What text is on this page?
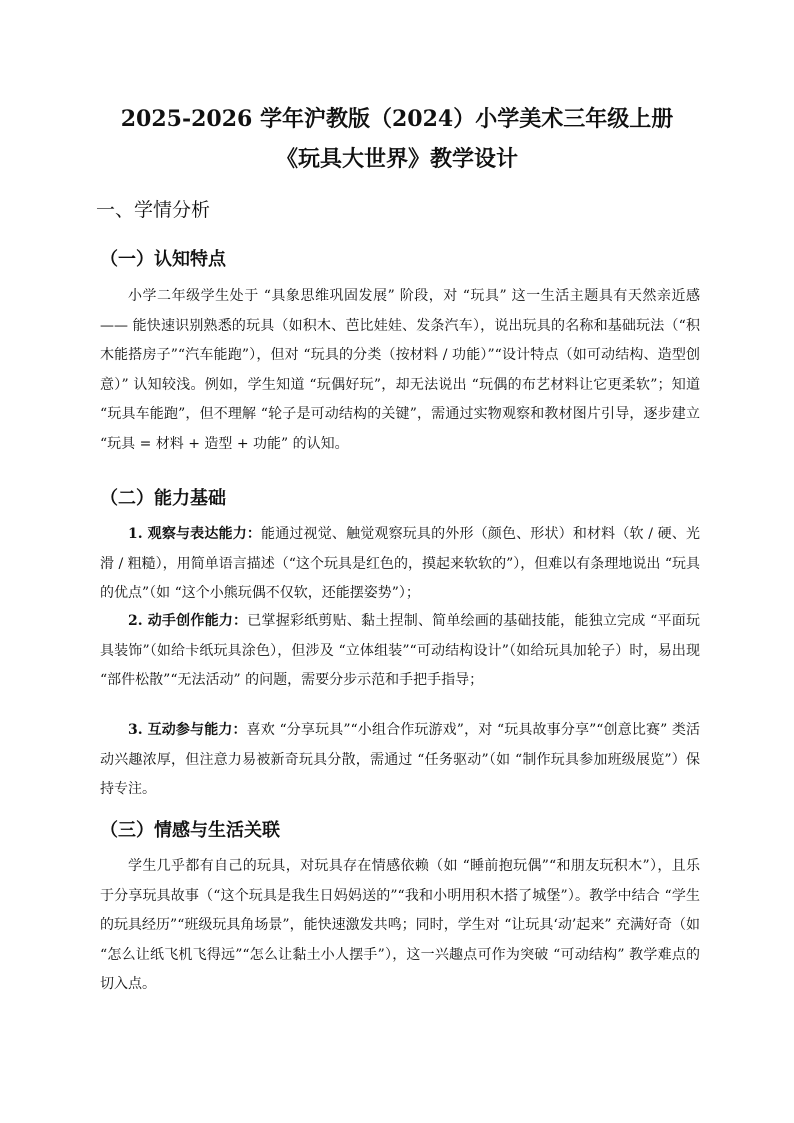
2025-2026 学年沪教版（2024）小学美术三年级上册
《玩具大世界》教学设计
一、学情分析
（一）认知特点
小学二年级学生处于 “具象思维巩固发展” 阶段，对 “玩具” 这一生活主题具有天然亲近感 —— 能快速识别熟悉的玩具（如积木、芭比娃娃、发条汽车），说出玩具的名称和基础玩法（“积木能搭房子”“汽车能跑”），但对 “玩具的分类（按材料 / 功能）”“设计特点（如可动结构、造型创意）” 认知较浅。例如，学生知道 “玩偶好玩”，却无法说出 “玩偶的布艺材料让它更柔软”；知道 “玩具车能跑”，但不理解 “轮子是可动结构的关键”，需通过实物观察和教材图片引导，逐步建立 “玩具 = 材料 + 造型 + 功能” 的认知。
（二）能力基础
1. 观察与表达能力：能通过视觉、触觉观察玩具的外形（颜色、形状）和材料（软 / 硬、光滑 / 粗糙），用简单语言描述（“这个玩具是红色的，摸起来软软的”），但难以有条理地说出 “玩具的优点”（如 “这个小熊玩偶不仅软，还能摆姿势”）；
2. 动手创作能力：已掌握彩纸剪贴、黏土捏制、简单绘画的基础技能，能独立完成 “平面玩具装饰”（如给卡纸玩具涂色），但涉及 “立体组装”“可动结构设计”（如给玩具加轮子）时，易出现 “部件松散”“无法活动” 的问题，需要分步示范和手把手指导；
3. 互动参与能力：喜欢 “分享玩具”“小组合作玩游戏”，对 “玩具故事分享”“创意比赛” 类活动兴趣浓厚，但注意力易被新奇玩具分散，需通过 “任务驱动”（如 “制作玩具参加班级展览”）保持专注。
（三）情感与生活关联
学生几乎都有自己的玩具，对玩具存在情感依赖（如 “睡前抱玩偶”“和朋友玩积木”），且乐于分享玩具故事（“这个玩具是我生日妈妈送的”“我和小明用积木搭了城堡”）。教学中结合 “学生的玩具经历”“班级玩具角场景”，能快速激发共鸣；同时，学生对 “让玩具‘动’起来” 充满好奇（如 “怎么让纸飞机飞得远”“怎么让黏土小人摆手”），这一兴趣点可作为突破 “可动结构” 教学难点的切入点。
